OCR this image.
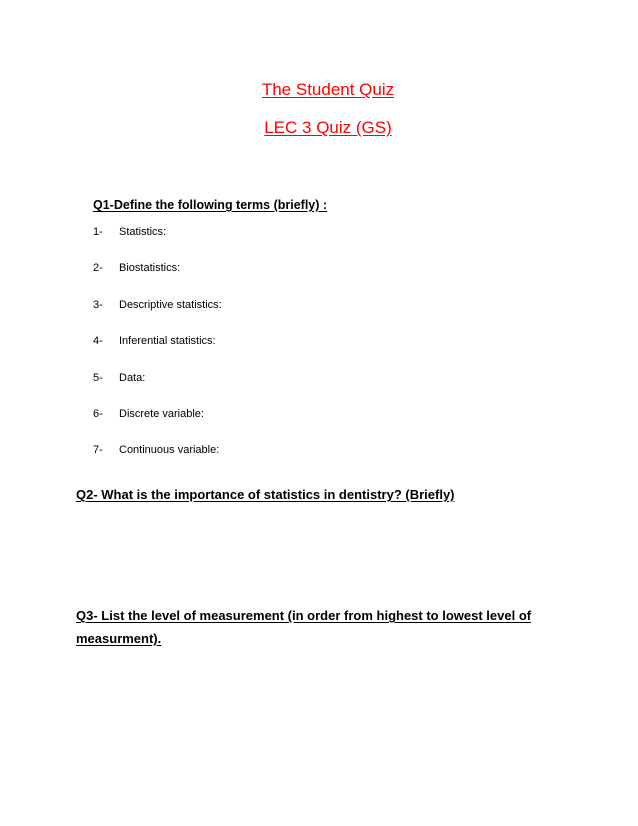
The Student Quiz
LEC 3 Quiz (GS)

Q1-Define the following terms (briefly) :

1-	Statistics:
2-	Biostatistics:
3-	Descriptive statistics:
4-	Inferential statistics:
5-	Data:
6-	Discrete variable:
7-	Continuous variable:

Q2- What is the importance of statistics in dentistry? (Briefly)

Q3- List the level of measurement (in order from highest to lowest level of measurment).
